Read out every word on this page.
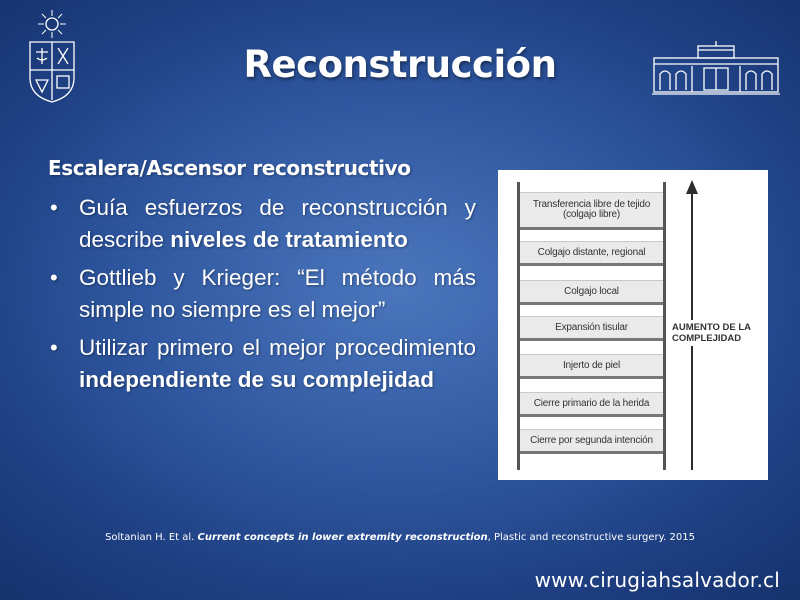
Reconstrucción
Escalera/Ascensor reconstructivo
• Guía esfuerzos de reconstrucción y describe niveles de tratamiento
• Gottlieb y Krieger: “El método más simple no siempre es el mejor”
• Utilizar primero el mejor procedimiento independiente de su complejidad
Transferencia libre de tejido (colgajo libre)
Colgajo distante, regional
Colgajo local
Expansión tisular
Injerto de piel
Cierre primario de la herida
Cierre por segunda intención
AUMENTO DE LA COMPLEJIDAD
Soltanian H. Et al. Current concepts in lower extremity reconstruction, Plastic and reconstructive surgery. 2015
www.cirugiahsalvador.cl
